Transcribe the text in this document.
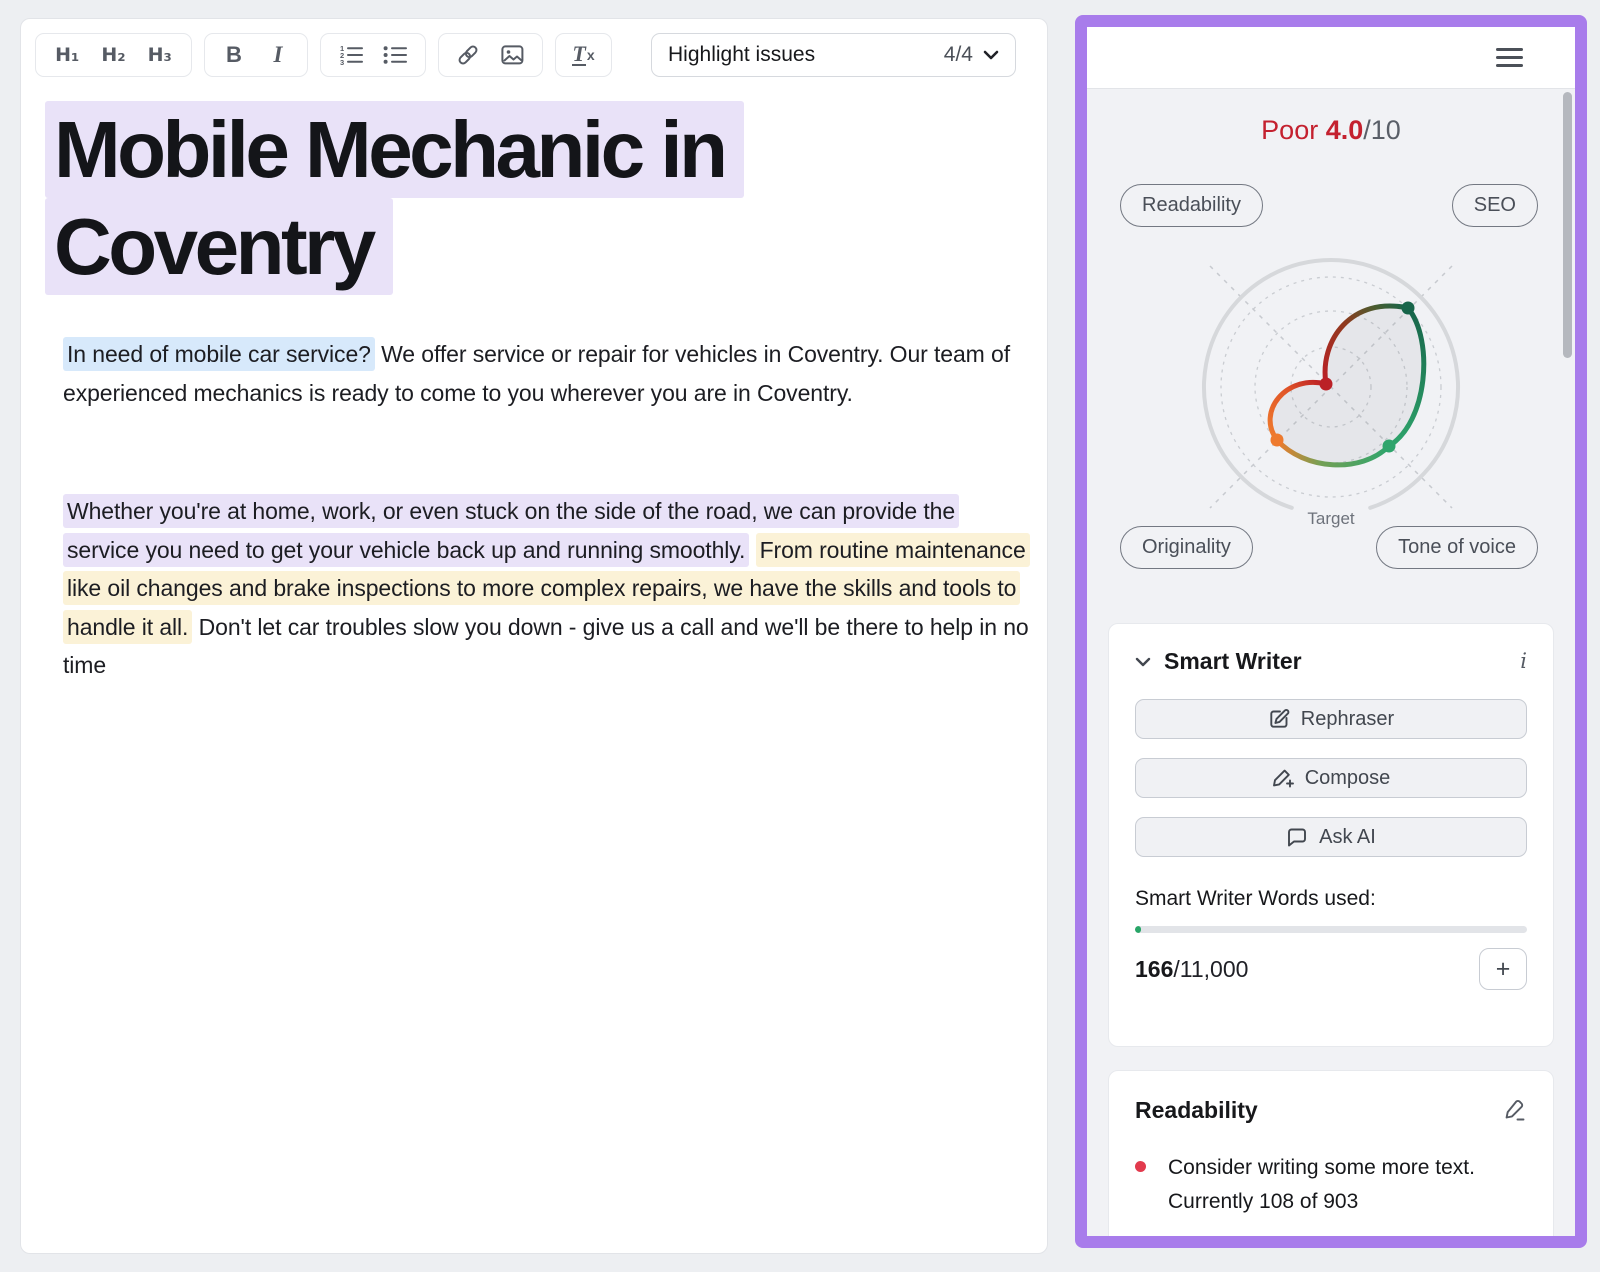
H₁ H₂ H₃	B	I	1
2
3	T x	Highlight issues	4/4
Mobile Mechanic in
Coventry

In need of mobile car service? We offer service or repair for vehicles in Coventry. Our team of experienced mechanics is ready to come to you wherever you are in Coventry.

Whether you're at home, work, or even stuck on the side of the road, we can provide the service you need to get your vehicle back up and running smoothly. From routine maintenance like oil changes and brake inspections to more complex repairs, we have the skills and tools to handle it all. Don't let car troubles slow you down - give us a call and we'll be there to help in no time

Poor 4.0/10
Readability	SEO
Target
Originality	Tone of voice
Smart Writer	i
Rephraser
Compose
Ask AI
Smart Writer Words used:
166 /11,000	+
Readability
Consider writing some more text. Currently 108 of 903
